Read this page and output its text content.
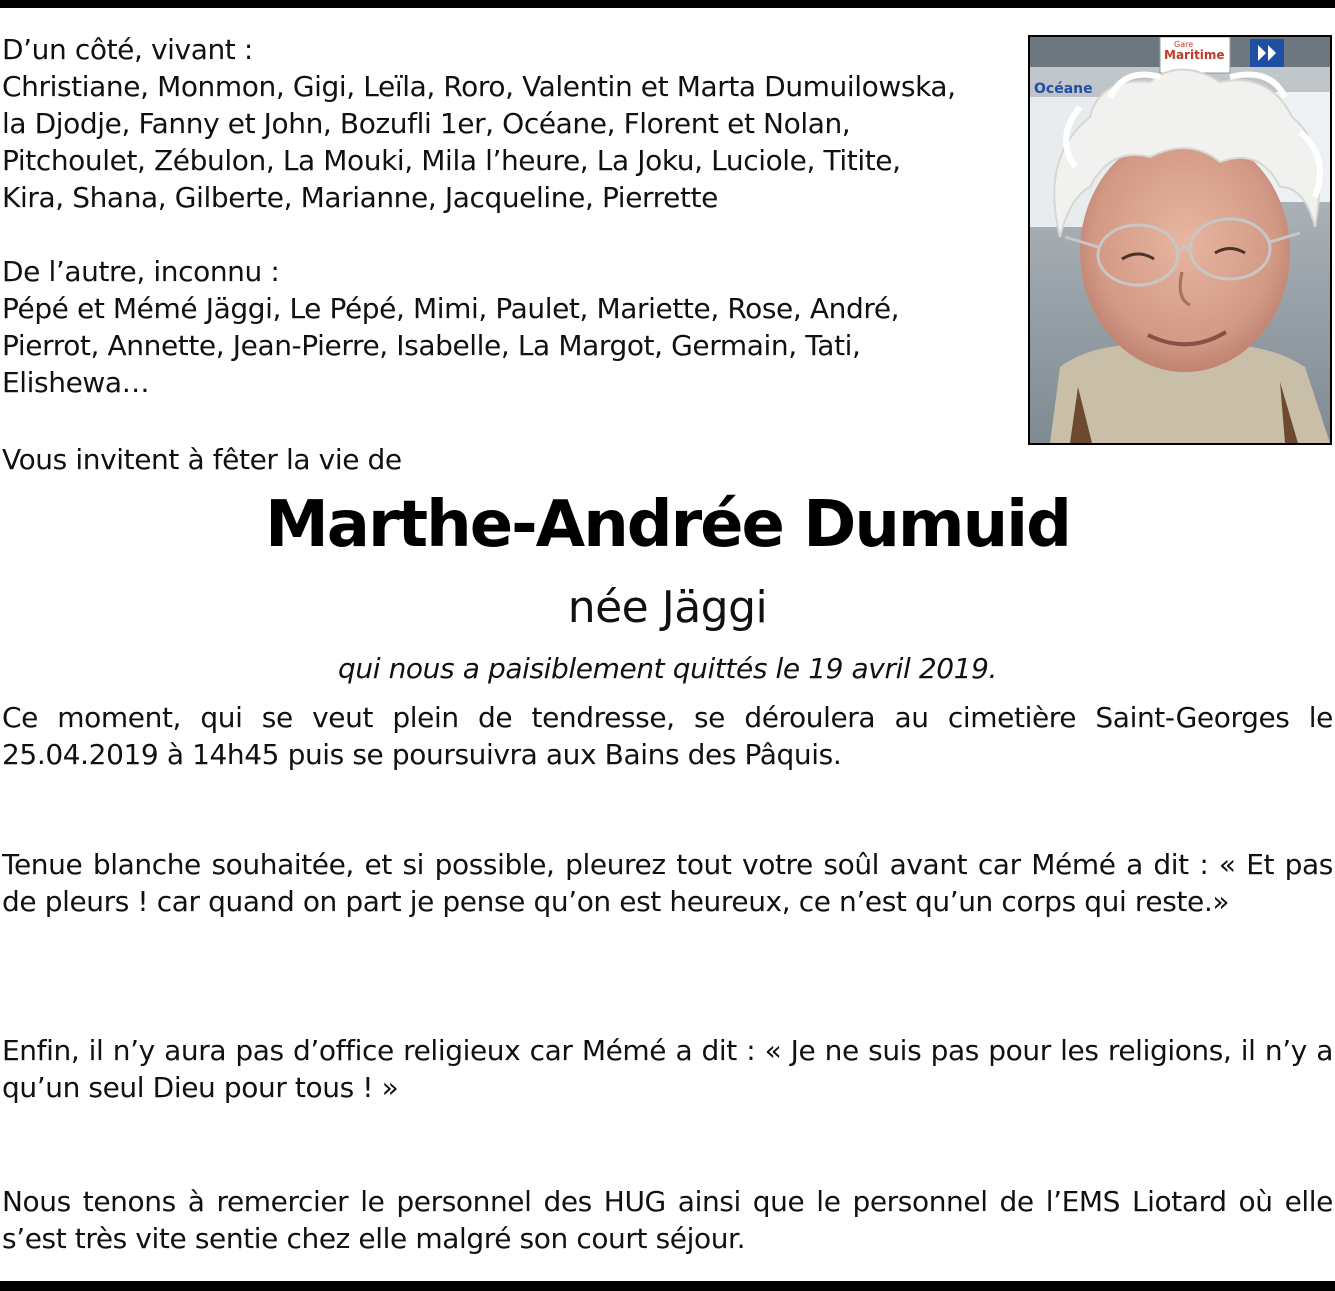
D’un côté, vivant :
Christiane, Monmon, Gigi, Leïla, Roro, Valentin et Marta Dumuilowska,
la Djodje, Fanny et John, Bozufli 1er, Océane, Florent et Nolan,
Pitchoulet, Zébulon, La Mouki, Mila l’heure, La Joku, Luciole, Titite,
Kira, Shana, Gilberte, Marianne, Jacqueline, Pierrette

De l’autre, inconnu :
Pépé et Mémé Jäggi, Le Pépé, Mimi, Paulet, Mariette, Rose, André,
Pierrot, Annette, Jean-Pierre, Isabelle, La Margot, Germain, Tati,
Elishewa…
Gare
Maritime
Océane
Vous invitent à fêter la vie de
Marthe-Andrée Dumuid
née Jäggi
qui nous a paisiblement quittés le 19 avril 2019.
Ce moment, qui se veut plein de tendresse, se déroulera au cimetière Saint-Georges le 25.04.2019 à 14h45 puis se poursuivra aux Bains des Pâquis.
Tenue blanche souhaitée, et si possible, pleurez tout votre soûl avant car Mémé a dit : « Et pas de pleurs ! car quand on part je pense qu’on est heureux, ce n’est qu’un corps qui reste.»
Enfin, il n’y aura pas d’office religieux car Mémé a dit : « Je ne suis pas pour les religions, il n’y a qu’un seul Dieu pour tous ! »
Nous tenons à remercier le personnel des HUG ainsi que le personnel de l’EMS Liotard où elle s’est très vite sentie chez elle malgré son court séjour.
